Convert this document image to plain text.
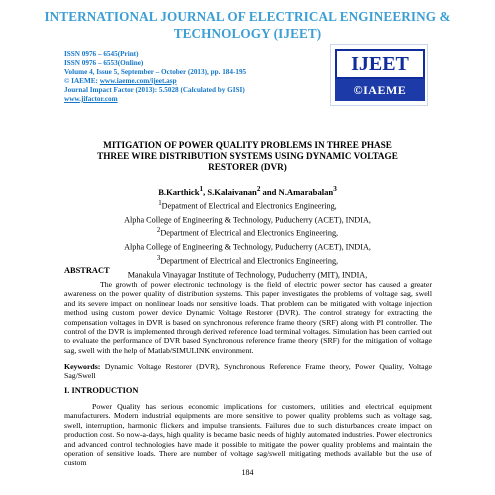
INTERNATIONAL JOURNAL OF ELECTRICAL ENGINEERING &
TECHNOLOGY (IJEET)
ISSN 0976 – 6545(Print)
ISSN 0976 – 6553(Online)
Volume 4, Issue 5, September – October (2013), pp. 184-195
© IAEME: www.iaeme.com/ijeet.asp
Journal Impact Factor (2013): 5.5028 (Calculated by GISI)
www.jifactor.com
IJEET
©IAEME
MITIGATION OF POWER QUALITY PROBLEMS IN THREE PHASE
THREE WIRE DISTRIBUTION SYSTEMS USING DYNAMIC VOLTAGE
RESTORER (DVR)
B.Karthick$^1$, S.Kalaivanan$^2$ and N.Amarabalan$^3$
$^1$Depatment of Electrical and Electronics Engineering,
Alpha College of Engineering & Technology, Puducherry (ACET), INDIA,
$^2$Department of Electrical and Electronics Engineering,
Alpha College of Engineering & Technology, Puducherry (ACET), INDIA,
$^3$Department of Electrical and Electronics Engineering,
Manakula Vinayagar Institute of Technology, Puducherry (MIT), INDIA,
ABSTRACT
The growth of power electronic technology is the field of electric power sector has caused a greater awareness on the power quality of distribution systems. This paper investigates the problems of voltage sag, swell and its severe impact on nonlinear loads nor sensitive loads. That problem can be mitigated with voltage injection method using custom power device Dynamic Voltage Restorer (DVR). The control strategy for extracting the compensation voltages in DVR is based on synchronous reference frame theory (SRF) along with PI controller. The control of the DVR is implemented through derived reference load terminal voltages. Simulation has been carried out to evaluate the performance of DVR based Synchronous reference frame theory (SRF) for the mitigation of voltage sag, swell with the help of Matlab/SIMULINK environment.
Keywords: Dynamic Voltage Restorer (DVR), Synchronous Reference Frame theory, Power Quality, Voltage Sag/Swell
I. INTRODUCTION
Power Quality has serious economic implications for customers, utilities and electrical equipment manufacturers. Modern industrial equipments are more sensitive to power quality problems such as voltage sag, swell, interruption, harmonic flickers and impulse transients. Failures due to such disturbances create impact on production cost. So now-a-days, high quality is became basic needs of highly automated industries. Power electronics and advanced control technologies have made it possible to mitigate the power quality problems and maintain the operation of sensitive loads. There are number of voltage sag/swell mitigating methods available but the use of custom
184
